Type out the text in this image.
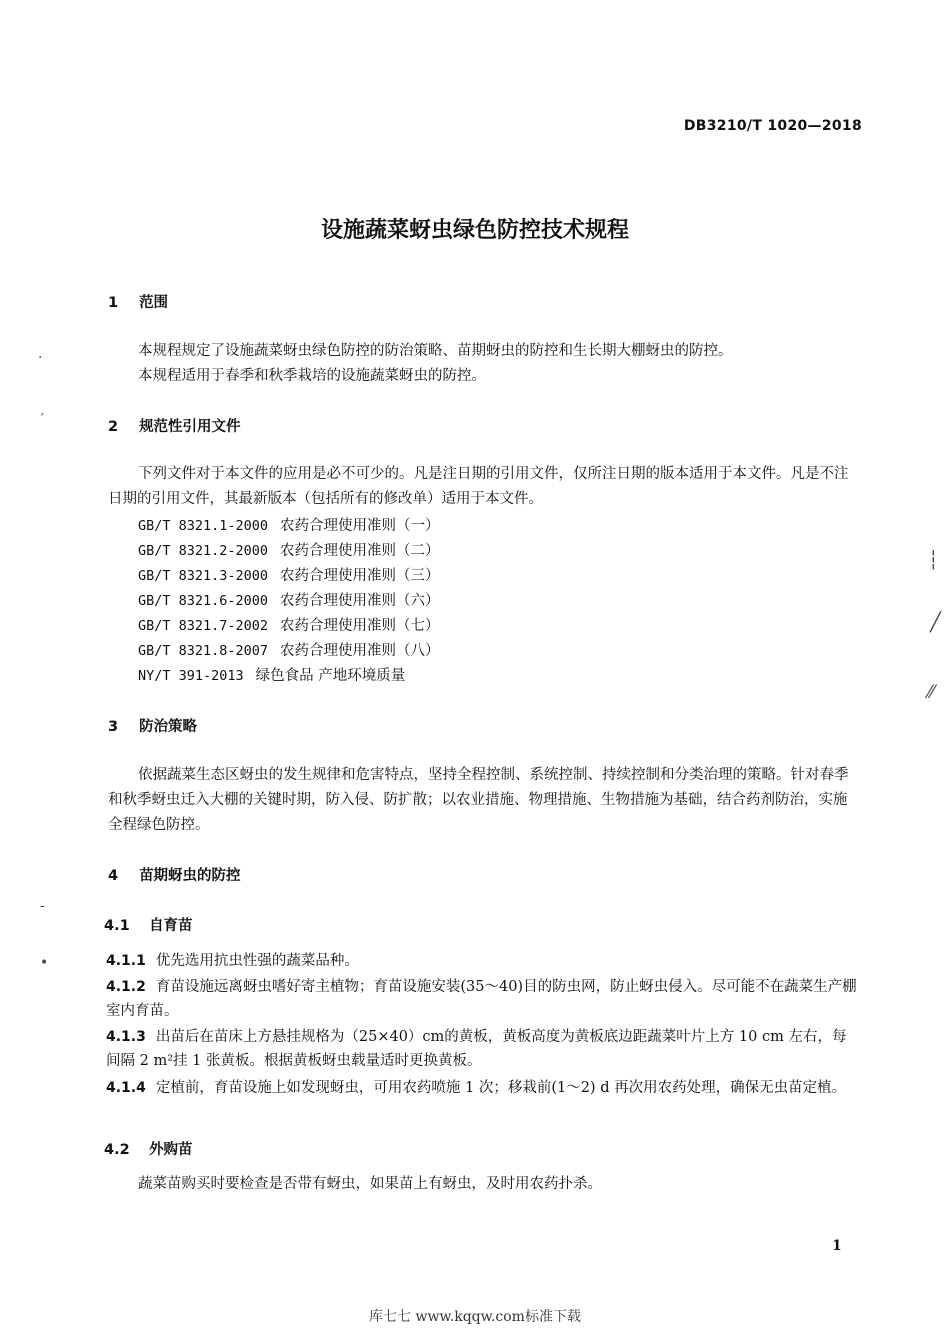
DB3210/T 1020—2018
设施蔬菜蚜虫绿色防控技术规程
1 范围

本规程规定了设施蔬菜蚜虫绿色防控的防治策略、苗期蚜虫的防控和生长期大棚蚜虫的防控。

本规程适用于春季和秋季栽培的设施蔬菜蚜虫的防控。

2 规范性引用文件

下列文件对于本文件的应用是必不可少的。凡是注日期的引用文件，仅所注日期的版本适用于本文件。凡是不注日期的引用文件，其最新版本（包括所有的修改单）适用于本文件。

GB/T 8321.1-2000 农药合理使用准则（一）
GB/T 8321.2-2000 农药合理使用准则（二）
GB/T 8321.3-2000 农药合理使用准则（三）
GB/T 8321.6-2000 农药合理使用准则（六）
GB/T 8321.7-2002 农药合理使用准则（七）
GB/T 8321.8-2007 农药合理使用准则（八）
NY/T 391-2013 绿色食品 产地环境质量
3 防治策略

依据蔬菜生态区蚜虫的发生规律和危害特点，坚持全程控制、系统控制、持续控制和分类治理的策略。针对春季和秋季蚜虫迁入大棚的关键时期，防入侵、防扩散；以农业措施、物理措施、生物措施为基础，结合药剂防治，实施全程绿色防控。

4 苗期蚜虫的防控
4.1 自育苗

4.1.1 优先选用抗虫性强的蔬菜品种。

4.1.2 育苗设施远离蚜虫嗜好寄主植物；育苗设施安装(35～40)目的防虫网，防止蚜虫侵入。尽可能不在蔬菜生产棚室内育苗。

4.1.3 出苗后在苗床上方悬挂规格为（25×40）cm的黄板，黄板高度为黄板底边距蔬菜叶片上方 10 cm 左右，每间隔 2 m²挂 1 张黄板。根据黄板蚜虫载量适时更换黄板。

4.1.4 定植前，育苗设施上如发现蚜虫，可用农药喷施 1 次；移栽前(1～2) d 再次用农药处理，确保无虫苗定植。

4.2 外购苗

蔬菜苗购买时要检查是否带有蚜虫，如果苗上有蚜虫，及时用农药扑杀。

1
库七七 www.kqqw.com标准下载
·
ˊ
-
•
┆
╱
⁄⁄
